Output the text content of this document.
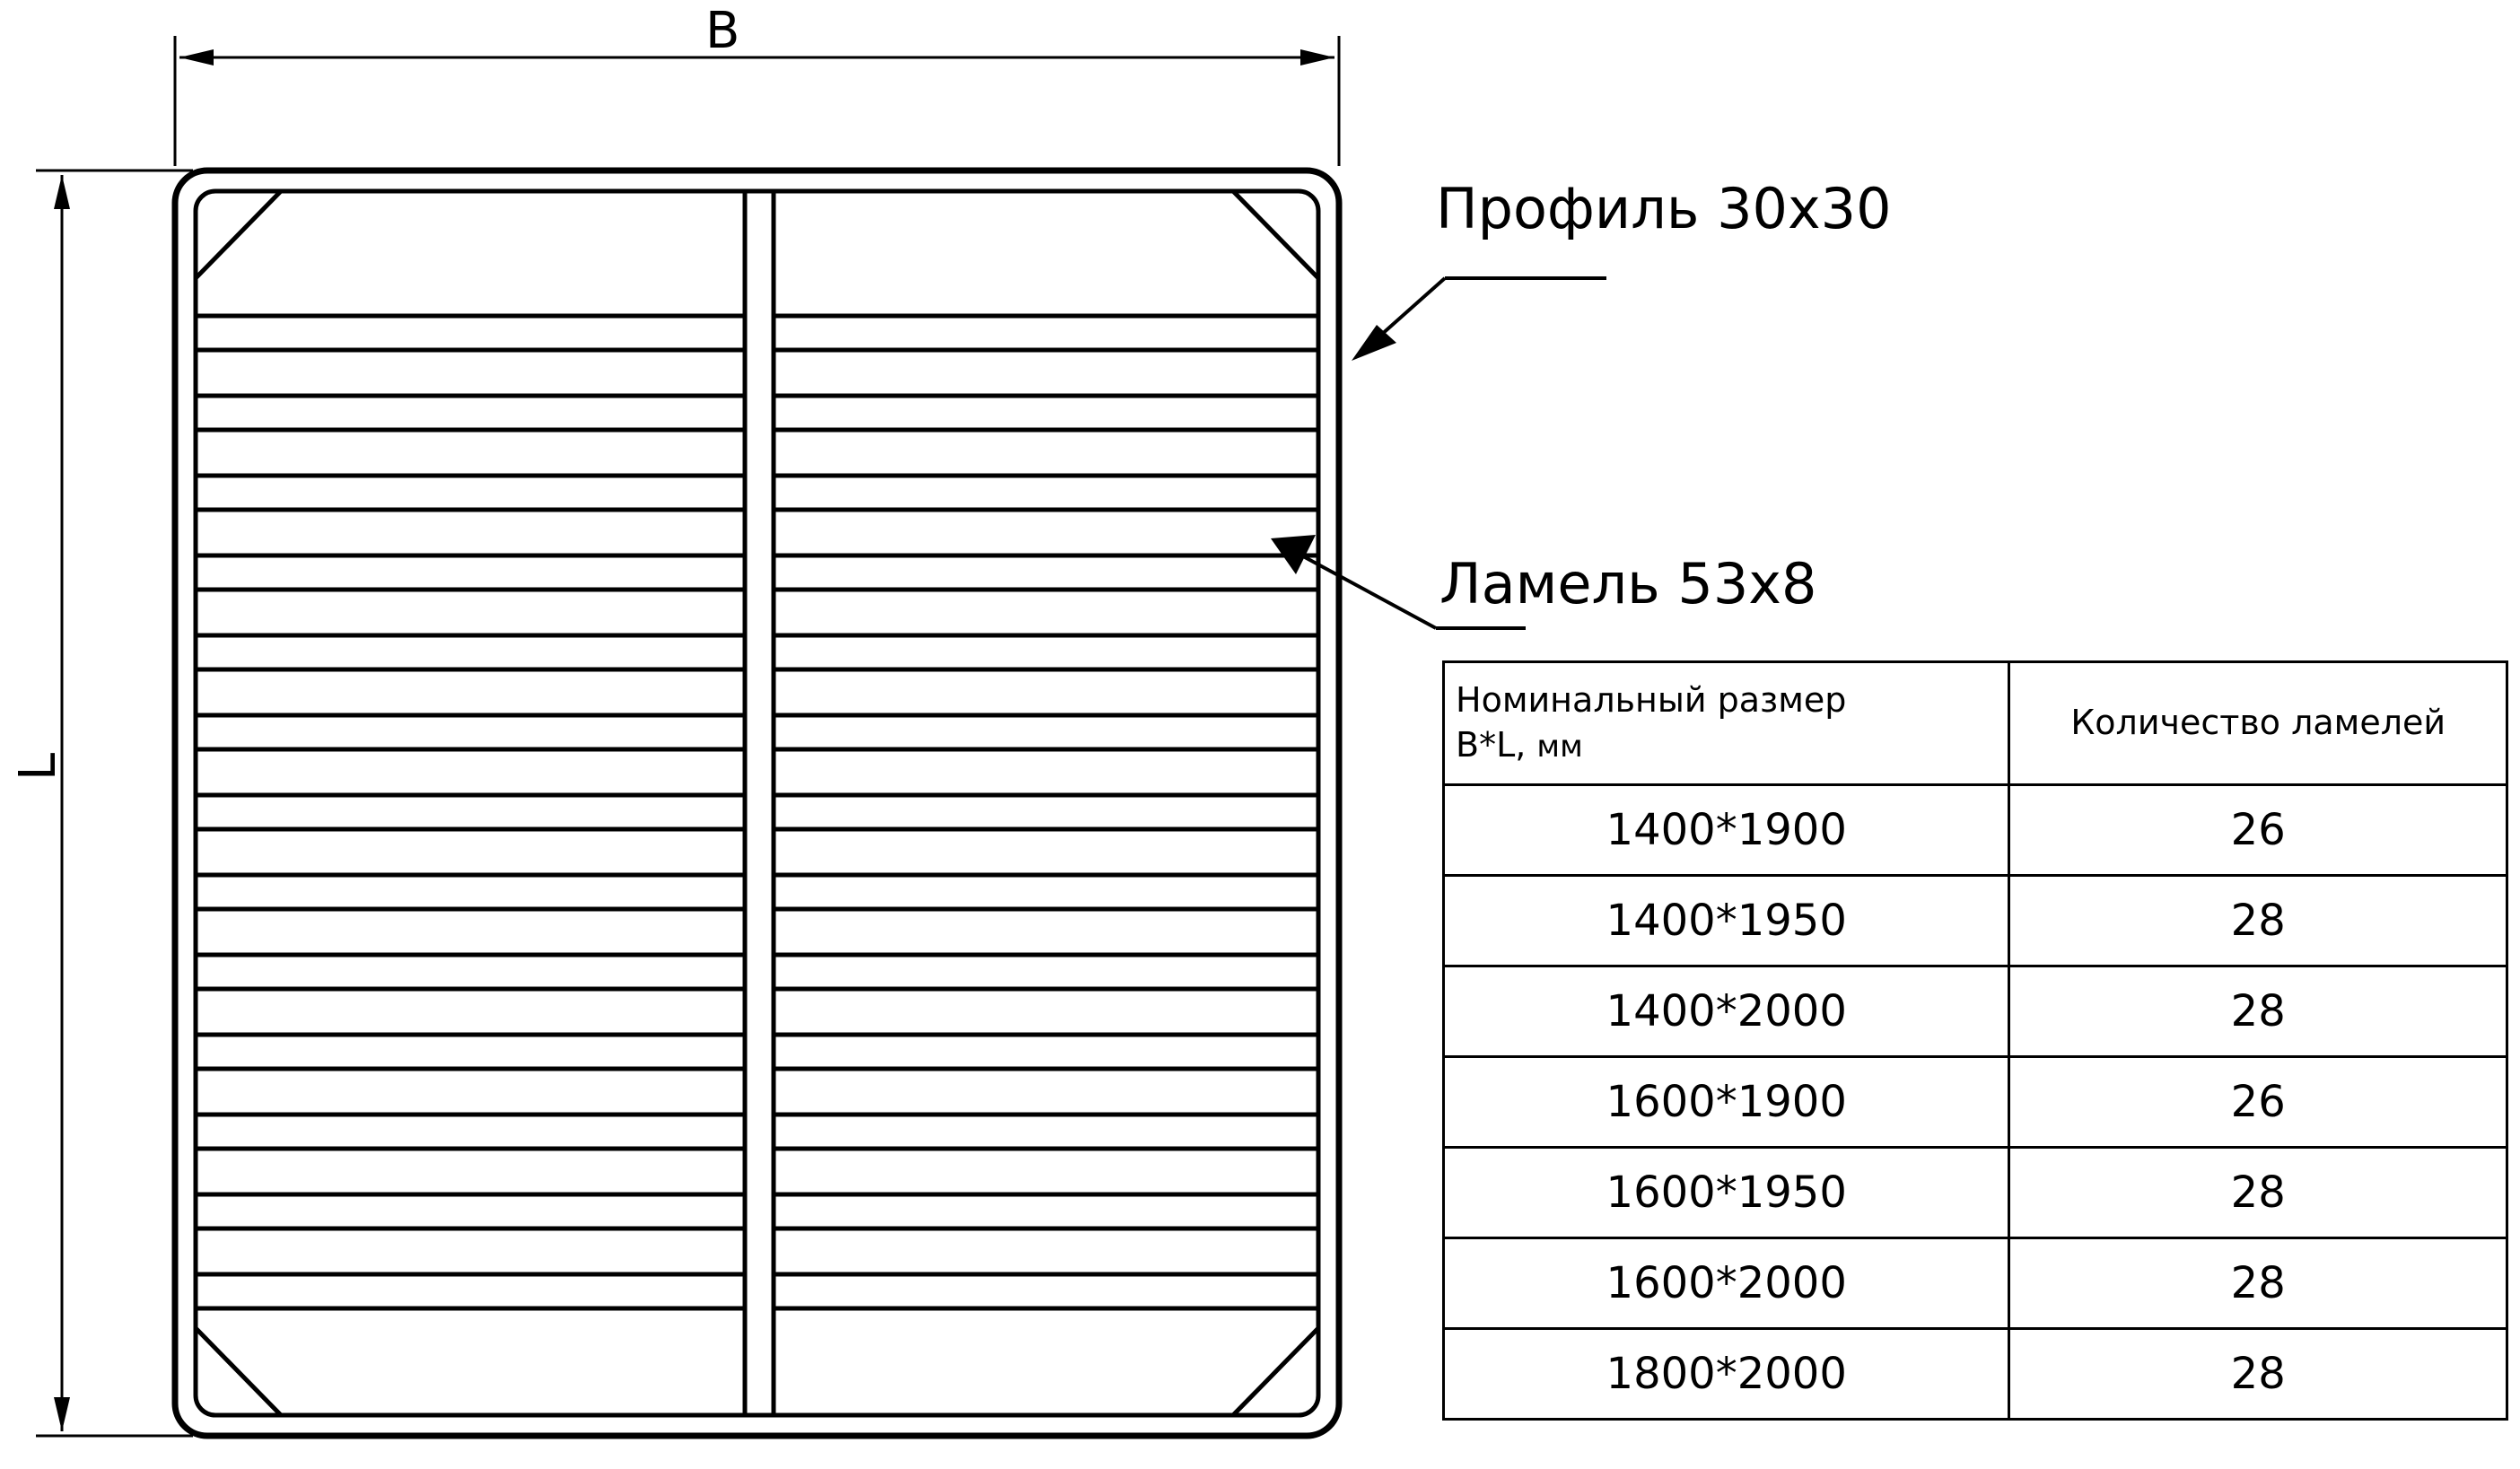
B
L
Профиль 30x30
Ламель 53x8
Номинальный размер
B*L, мм	Количество ламелей
1400*1900	26
1400*1950	28
1400*2000	28
1600*1900	26
1600*1950	28
1600*2000	28
1800*2000	28
